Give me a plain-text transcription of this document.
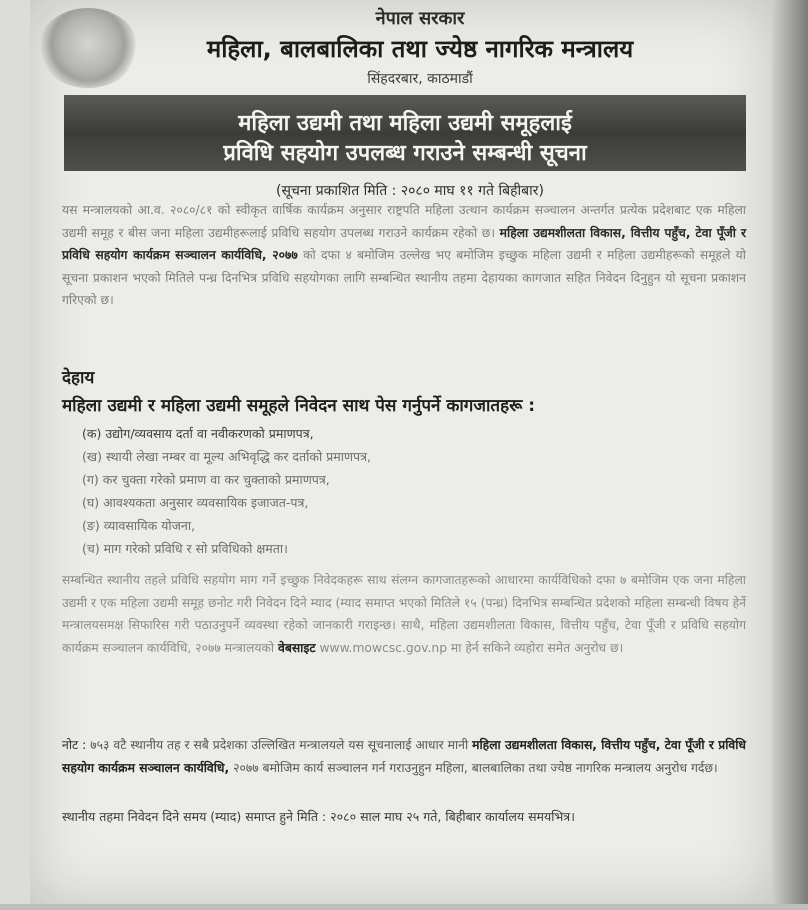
नेपाल सरकार
महिला, बालबालिका तथा ज्येष्ठ नागरिक मन्त्रालय
सिंहदरबार, काठमाडौं
महिला उद्यमी तथा महिला उद्यमी समूहलाई
प्रविधि सहयोग उपलब्ध गराउने सम्बन्धी सूचना
(सूचना प्रकाशित मिति : २०८० माघ ११ गते बिहीबार)
यस मन्त्रालयको आ.व. २०८०/८१ को स्वीकृत वार्षिक कार्यक्रम अनुसार राष्ट्रपति महिला उत्थान कार्यक्रम सञ्चालन अन्तर्गत प्रत्येक प्रदेशबाट एक महिला उद्यमी समूह र बीस जना महिला उद्यमीहरूलाई प्रविधि सहयोग उपलब्ध गराउने कार्यक्रम रहेको छ। महिला उद्यमशीलता विकास, वित्तीय पहुँच, टेवा पूँजी र प्रविधि सहयोग कार्यक्रम सञ्चालन कार्यविधि, २०७७ को दफा ४ बमोजिम उल्लेख भए बमोजिम इच्छुक महिला उद्यमी र महिला उद्यमीहरूको समूहले यो सूचना प्रकाशन भएको मितिले पन्ध्र दिनभित्र प्रविधि सहयोगका लागि सम्बन्धित स्थानीय तहमा देहायका कागजात सहित निवेदन दिनुहुन यो सूचना प्रकाशन गरिएको छ।
देहाय
महिला उद्यमी र महिला उद्यमी समूहले निवेदन साथ पेस गर्नुपर्ने कागजातहरू :
(क) उद्योग/व्यवसाय दर्ता वा नवीकरणको प्रमाणपत्र,
(ख) स्थायी लेखा नम्बर वा मूल्य अभिवृद्धि कर दर्ताको प्रमाणपत्र,
(ग) कर चुक्ता गरेको प्रमाण वा कर चुक्ताको प्रमाणपत्र,
(घ) आवश्यकता अनुसार व्यवसायिक इजाजत-पत्र,
(ङ) व्यावसायिक योजना,
(च) माग गरेको प्रविधि र सो प्रविधिको क्षमता।
सम्बन्धित स्थानीय तहले प्रविधि सहयोग माग गर्ने इच्छुक निवेदकहरू साथ संलग्न कागजातहरूको आधारमा कार्यविधिको दफा ७ बमोजिम एक जना महिला उद्यमी र एक महिला उद्यमी समूह छनोट गरी निवेदन दिने म्याद (म्याद समाप्त भएको मितिले १५ (पन्ध्र) दिनभित्र सम्बन्धित प्रदेशको महिला सम्बन्धी विषय हेर्ने मन्त्रालयसमक्ष सिफारिस गरी पठाउनुपर्ने व्यवस्था रहेको जानकारी गराइन्छ। साथै, महिला उद्यमशीलता विकास, वित्तीय पहुँच, टेवा पूँजी र प्रविधि सहयोग कार्यक्रम सञ्चालन कार्यविधि, २०७७ मन्त्रालयको वेबसाइट www.mowcsc.gov.np मा हेर्न सकिने व्यहोरा समेत अनुरोध छ।
नोट : ७५३ वटै स्थानीय तह र सबै प्रदेशका उल्लिखित मन्त्रालयले यस सूचनालाई आधार मानी महिला उद्यमशीलता विकास, वित्तीय पहुँच, टेवा पूँजी र प्रविधि सहयोग कार्यक्रम सञ्चालन कार्यविधि, २०७७ बमोजिम कार्य सञ्चालन गर्न गराउनुहुन महिला, बालबालिका तथा ज्येष्ठ नागरिक मन्त्रालय अनुरोध गर्दछ।
स्थानीय तहमा निवेदन दिने समय (म्याद) समाप्त हुने मिति : २०८० साल माघ २५ गते, बिहीबार कार्यालय समयभित्र।
